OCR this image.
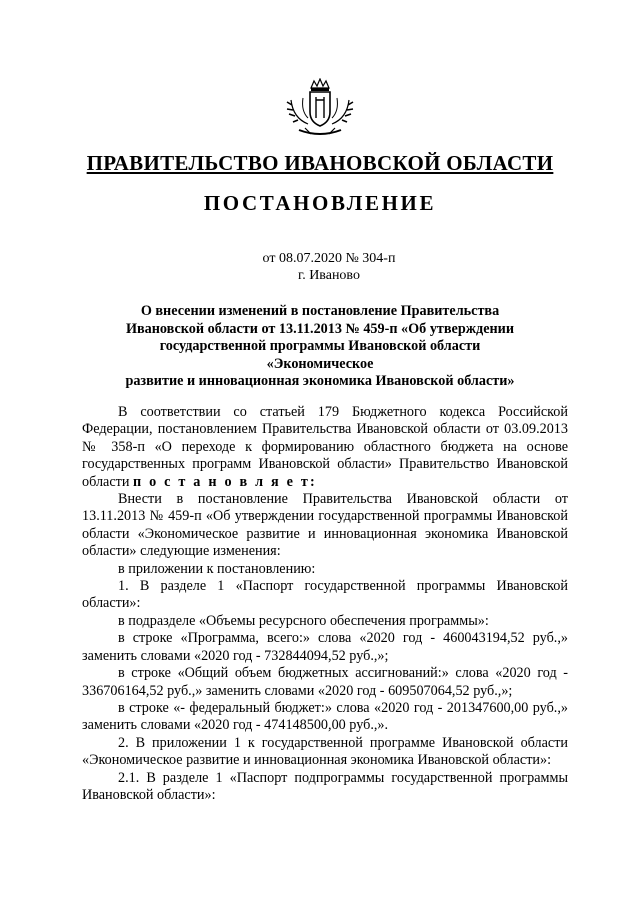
ПРАВИТЕЛЬСТВО ИВАНОВСКОЙ ОБЛАСТИ
ПОСТАНОВЛЕНИЕ
от 08.07.2020 № 304-п
г. Иваново
О внесении изменений в постановление Правительства
Ивановской области от 13.11.2013 № 459-п «Об утверждении
государственной программы Ивановской области «Экономическое
развитие и инновационная экономика Ивановской области»

В соответствии со статьей 179 Бюджетного кодекса Российской Федерации, постановлением Правительства Ивановской области от 03.09.2013 № 358-п «О переходе к формированию областного бюджета на основе государственных программ Ивановской области» Правительство Ивановской области п о с т а н о в л я е т:

Внести в постановление Правительства Ивановской области от 13.11.2013 № 459-п «Об утверждении государственной программы Ивановской области «Экономическое развитие и инновационная экономика Ивановской области» следующие изменения:

в приложении к постановлению:

1. В разделе 1 «Паспорт государственной программы Ивановской области»:

в подразделе «Объемы ресурсного обеспечения программы»:

в строке «Программа, всего:» слова «2020 год - 460043194,52 руб.,» заменить словами «2020 год - 732844094,52 руб.,»;

в строке «Общий объем бюджетных ассигнований:» слова «2020 год - 336706164,52 руб.,» заменить словами «2020 год - 609507064,52 руб.,»;

в строке «- федеральный бюджет:» слова «2020 год - 201347600,00 руб.,» заменить словами «2020 год - 474148500,00 руб.,».

2. В приложении 1 к государственной программе Ивановской области «Экономическое развитие и инновационная экономика Ивановской области»:

2.1. В разделе 1 «Паспорт подпрограммы государственной программы Ивановской области»:
